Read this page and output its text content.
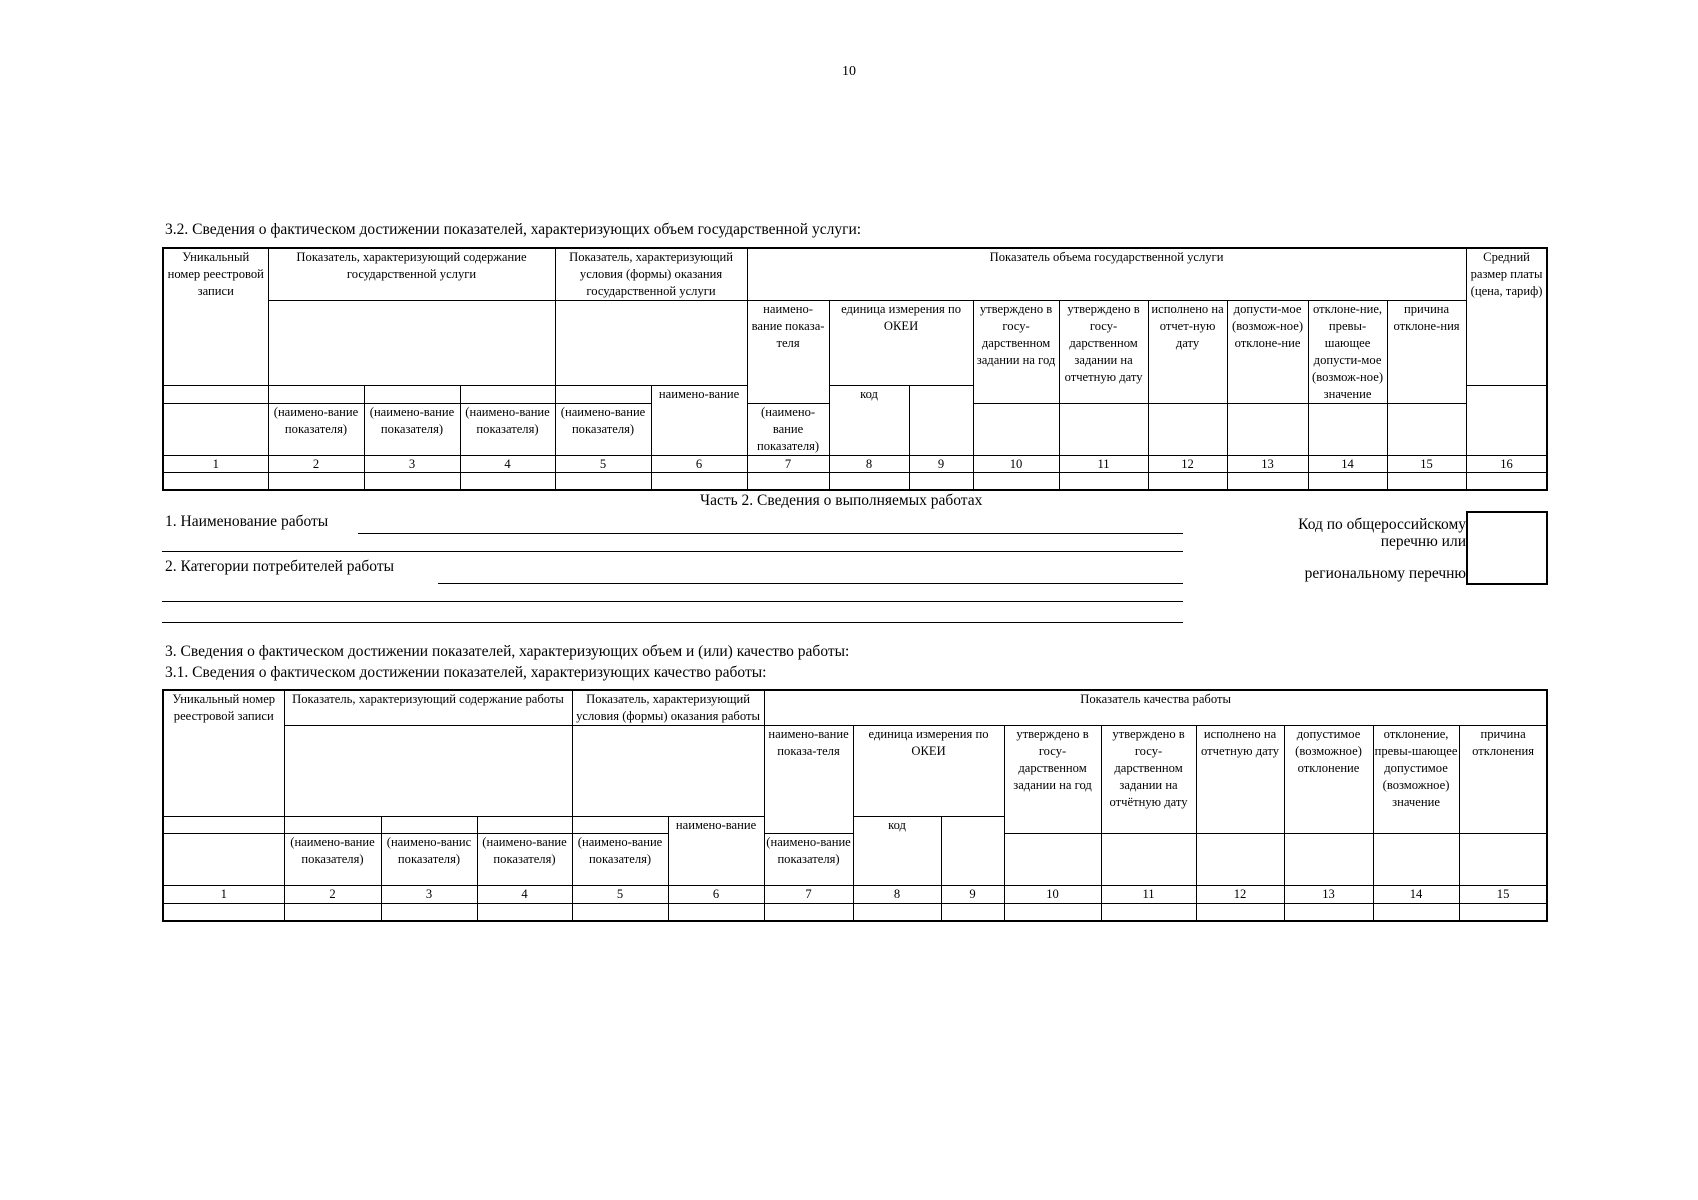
10
3.2. Сведения о фактическом достижении показателей, характеризующих объем государственной услуги:
Уникальный номер реестровой записи	Показатель, характеризующий содержание государственной услуги			Показатель, характеризующий условия (формы) оказания государственной услуги		Показатель объема государственной услуги									Средний размер платы (цена, тариф)	
						наимено-вание показа-теля	единица измерения по ОКЕИ		утверждено в госу-дарственном задании на год	утверждено в госу-дарственном задании на отчетную дату	исполнено на отчет-ную дату	допусти-мое (возмож-ное) отклоне-ние	отклоне-ние, превы-шающее допусти-мое (возмож-ное) значение	причина отклоне-ния		

					наимено-вание		код									
	(наимено-вание показателя)	(наимено-вание показателя)	(наимено-вание показателя)	(наимено-вание показателя)		(наимено-вание показателя)										
1	2	3	4	5	6	7	8	9	10	11	12	13	14	15	16	

Часть 2. Сведения о выполняемых работах
1. Наименование работы
2. Категории потребителей работы
Код по общероссийскому
перечню или
региональному перечню
3. Сведения о фактическом достижении показателей, характеризующих объем и (или) качество работы:
3.1. Сведения о фактическом достижении показателей, характеризующих качество работы:
Уникальный номер реестровой записи	Показатель, характеризующий содержание работы			Показатель, характеризующий условия (формы) оказания работы		Показатель качества работы									
						наимено-вание показа-теля	единица измерения по ОКЕИ		утверждено в госу-дарственном задании на год	утверждено в госу-дарственном задании на отчётную дату	исполнено на отчетную дату	допустимое (возможное) отклонение	отклонение, превы-шающее допустимое (возможное) значение	причина отклонения	

					наимено-вание		код								
	(наимено-вание показателя)	(наимено-ванис показателя)	(наимено-вание показателя)	(наимено-вание показателя)		(наимено-вание показателя)									
1	2	3	4	5	6	7	8	9	10	11	12	13	14	15	
